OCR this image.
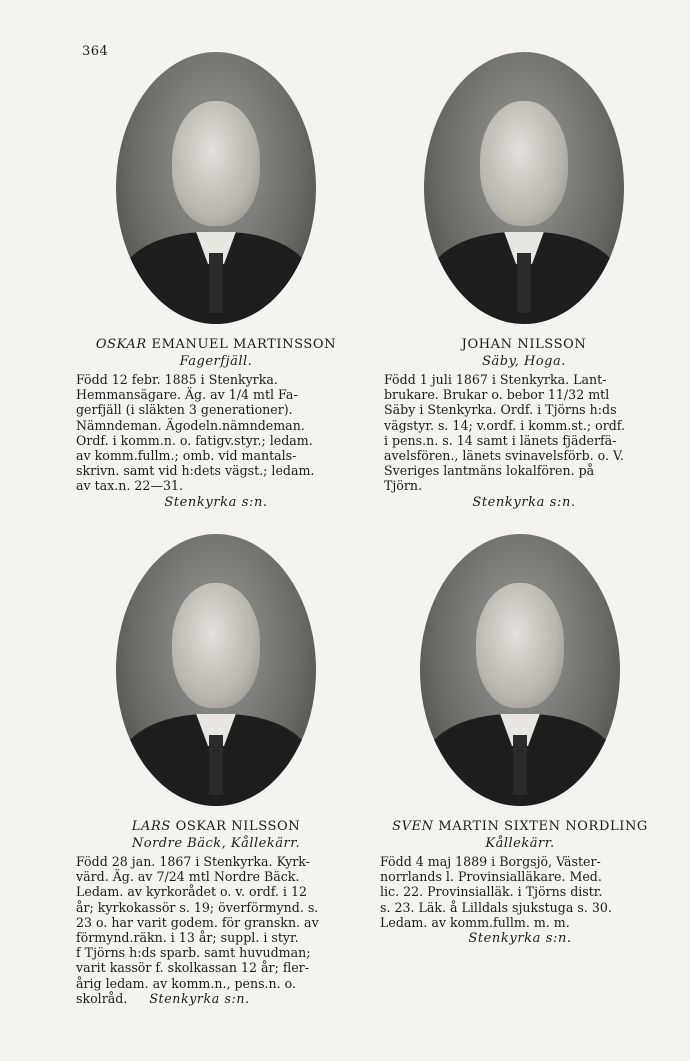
364
OSKAR EMANUEL MARTINSSON
Fagerfjäll.
Född 12 febr. 1885 i Stenkyrka.
Hemmansägare. Äg. av 1/4 mtl Fa-
gerfjäll (i släkten 3 generationer).
Nämndeman. Ägodeln.nämndeman.
Ordf. i komm.n. o. fatigv.styr.; ledam.
av komm.fullm.; omb. vid mantals-
skrivn. samt vid h:dets vägst.; ledam.
av tax.n. 22—31.
Stenkyrka s:n.
JOHAN NILSSON
Säby, Hoga.
Född 1 juli 1867 i Stenkyrka. Lant-
brukare. Brukar o. bebor 11/32 mtl
Säby i Stenkyrka. Ordf. i Tjörns h:ds
vägstyr. s. 14; v.ordf. i komm.st.; ordf.
i pens.n. s. 14 samt i länets fjäderfä-
avelsfören., länets svinavelsförb. o. V.
Sveriges lantmäns lokalfören. på
Tjörn.
Stenkyrka s:n.
LARS OSKAR NILSSON
Nordre Bäck, Kållekärr.
Född 28 jan. 1867 i Stenkyrka. Kyrk-
värd. Äg. av 7/24 mtl Nordre Bäck.
Ledam. av kyrkorådet o. v. ordf. i 12
år; kyrkokassör s. 19; överförmynd. s.
23 o. har varit godem. för granskn. av
förmynd.räkn. i 13 år; suppl. i styr.
f Tjörns h:ds sparb. samt huvudman;
varit kassör f. skolkassan 12 år; fler-
årig ledam. av komm.n., pens.n. o.
skolråd. Stenkyrka s:n.
SVEN MARTIN SIXTEN NORDLING
Kållekärr.
Född 4 maj 1889 i Borgsjö, Väster-
norrlands l. Provinsialläkare. Med.
lic. 22. Provinsialläk. i Tjörns distr.
s. 23. Läk. å Lilldals sjukstuga s. 30.
Ledam. av komm.fullm. m. m.
Stenkyrka s:n.
